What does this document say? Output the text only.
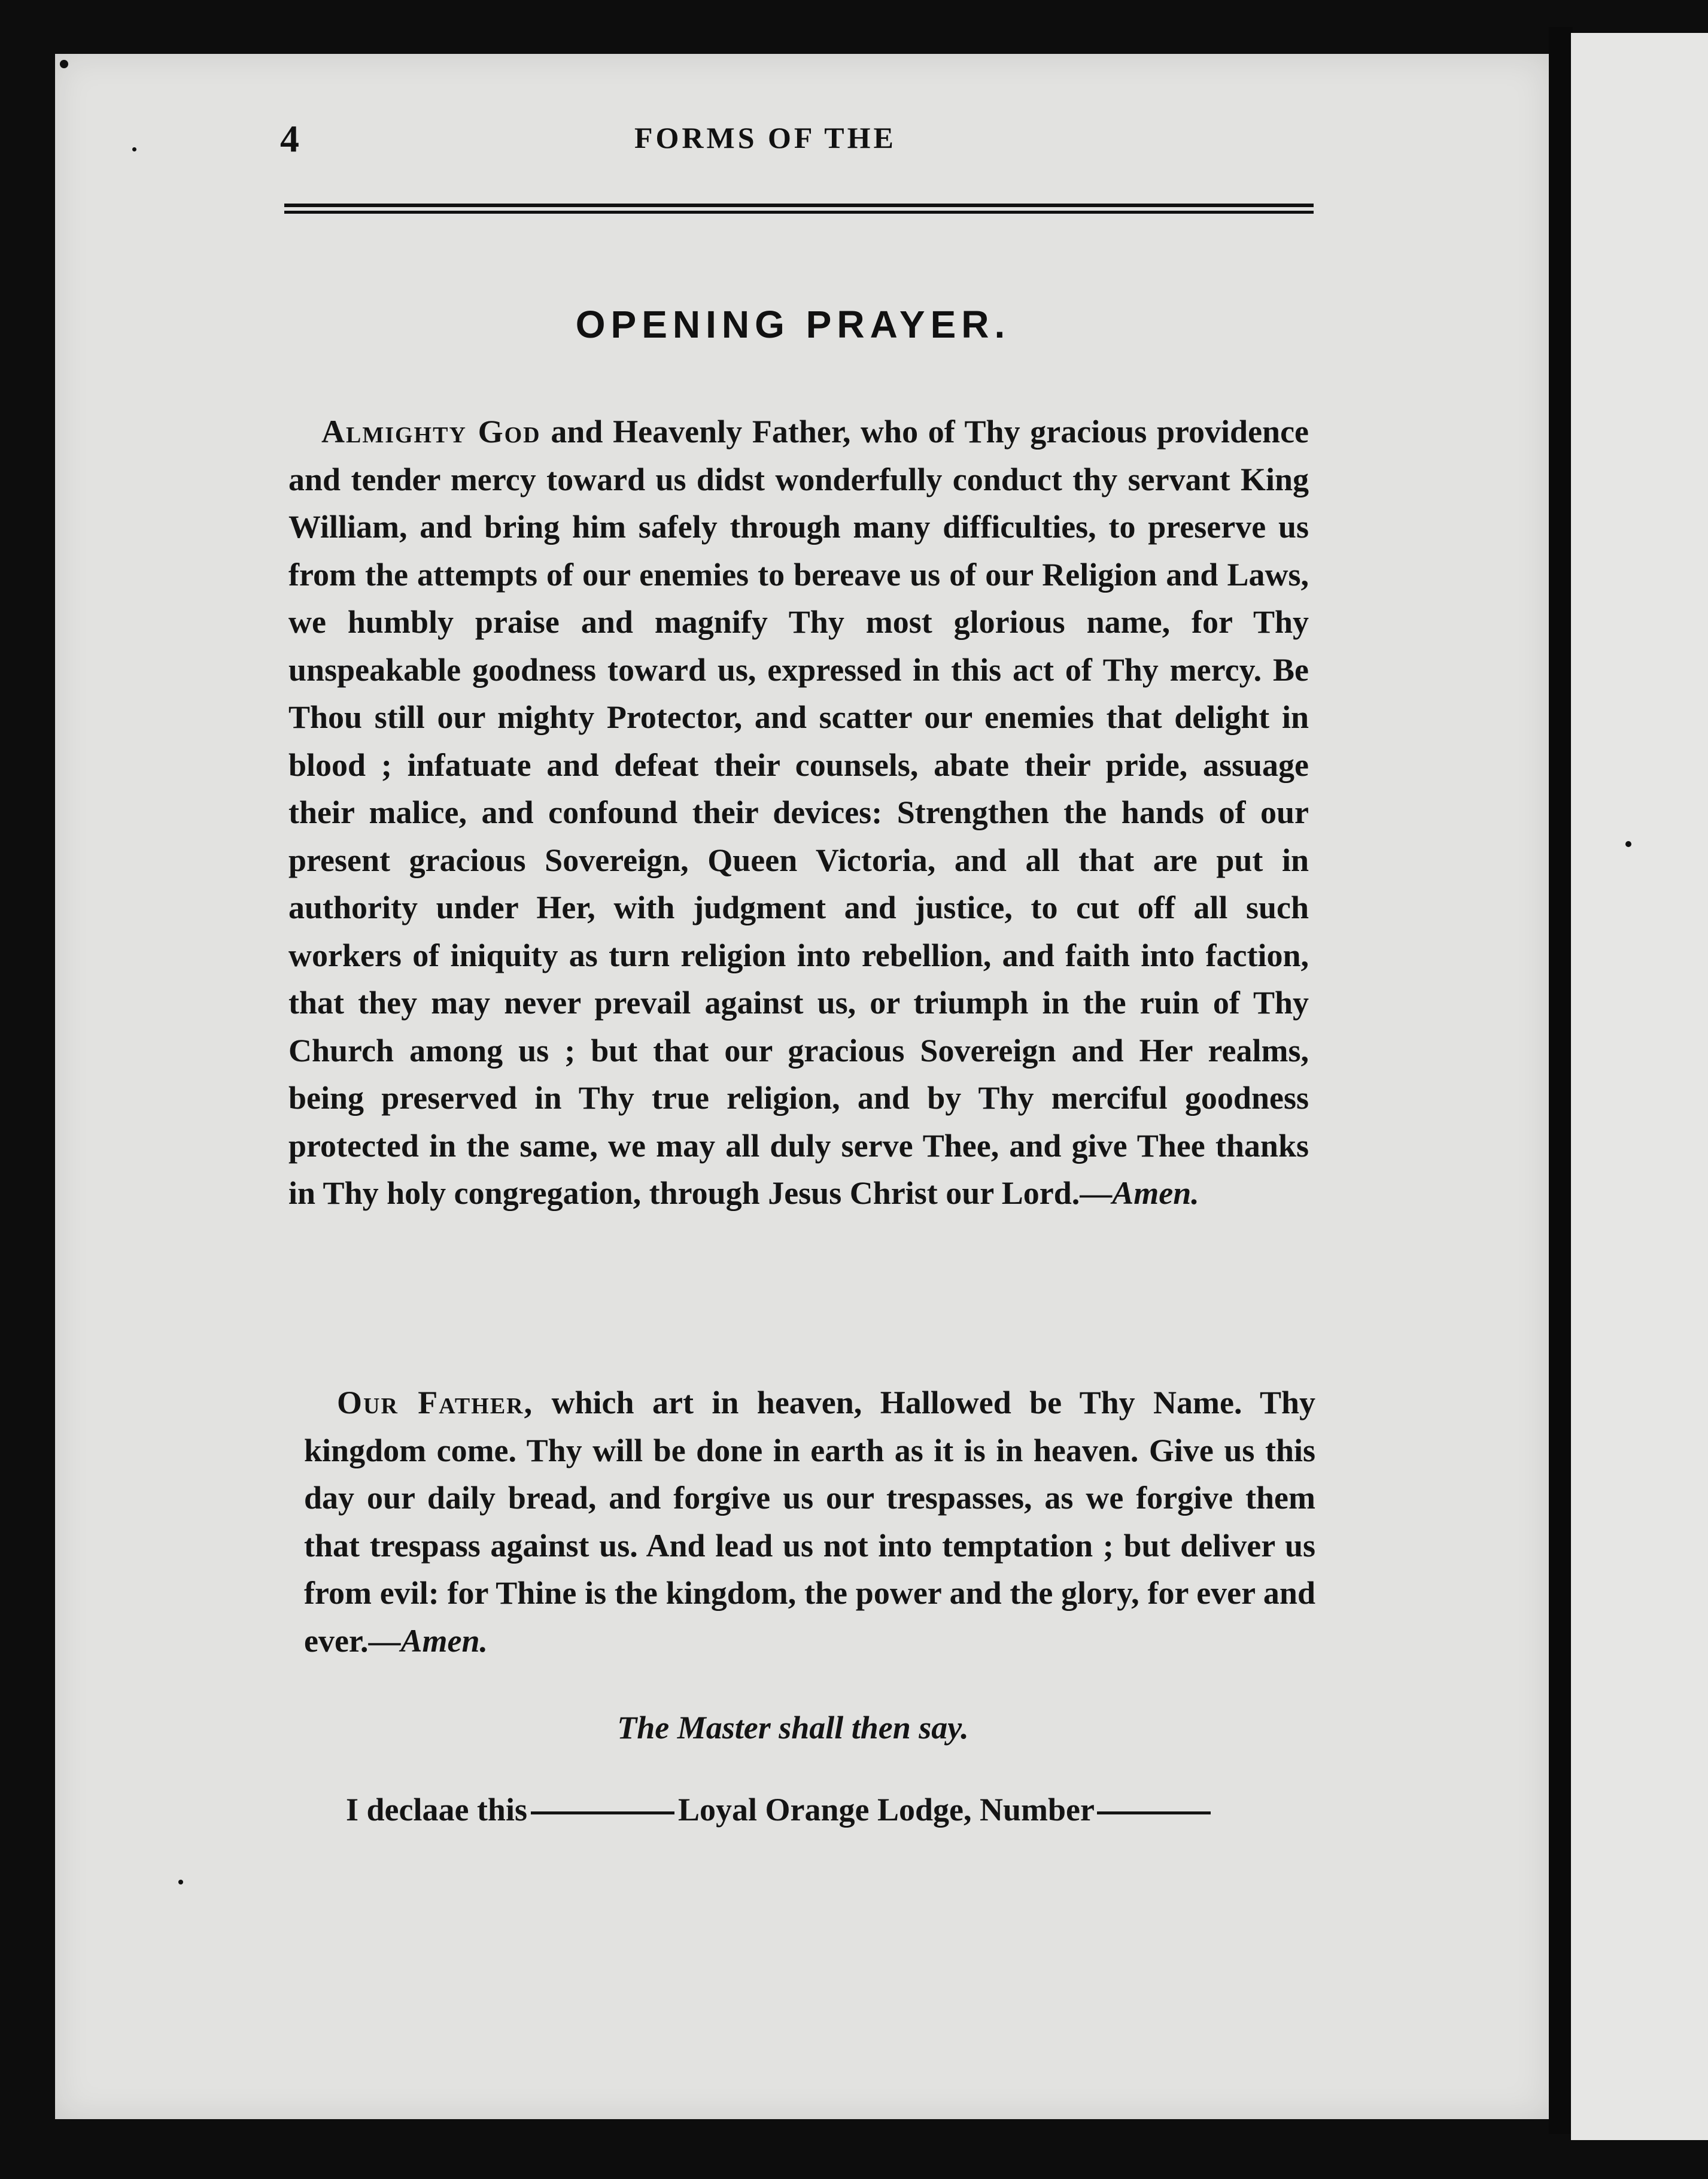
4	FORMS OF THE
OPENING PRAYER.

Almighty God and Heavenly Father, who of Thy gracious providence and tender mercy toward us didst wonderfully conduct thy servant King William, and bring him safely through many difficulties, to preserve us from the attempts of our enemies to bereave us of our Religion and Laws, we humbly praise and magnify Thy most glorious name, for Thy unspeakable goodness toward us, expressed in this act of Thy mercy. Be Thou still our mighty Protector, and scatter our enemies that delight in blood ; infatuate and defeat their counsels, abate their pride, assuage their malice, and confound their devices: Strengthen the hands of our present gracious Sovereign, Queen Victoria, and all that are put in authority under Her, with judgment and justice, to cut off all such workers of iniquity as turn religion into rebellion, and faith into faction, that they may never prevail against us, or triumph in the ruin of Thy Church among us ; but that our gracious Sovereign and Her realms, being preserved in Thy true religion, and by Thy merciful goodness protected in the same, we may all duly serve Thee, and give Thee thanks in Thy holy congregation, through Jesus Christ our Lord.—Amen.

Our Father, which art in heaven, Hallowed be Thy Name. Thy kingdom come. Thy will be done in earth as it is in heaven. Give us this day our daily bread, and forgive us our trespasses, as we forgive them that trespass against us. And lead us not into temptation ; but deliver us from evil: for Thine is the kingdom, the power and the glory, for ever and ever.—Amen.

The Master shall then say.
I declaae this	Loyal Orange Lodge, Number
